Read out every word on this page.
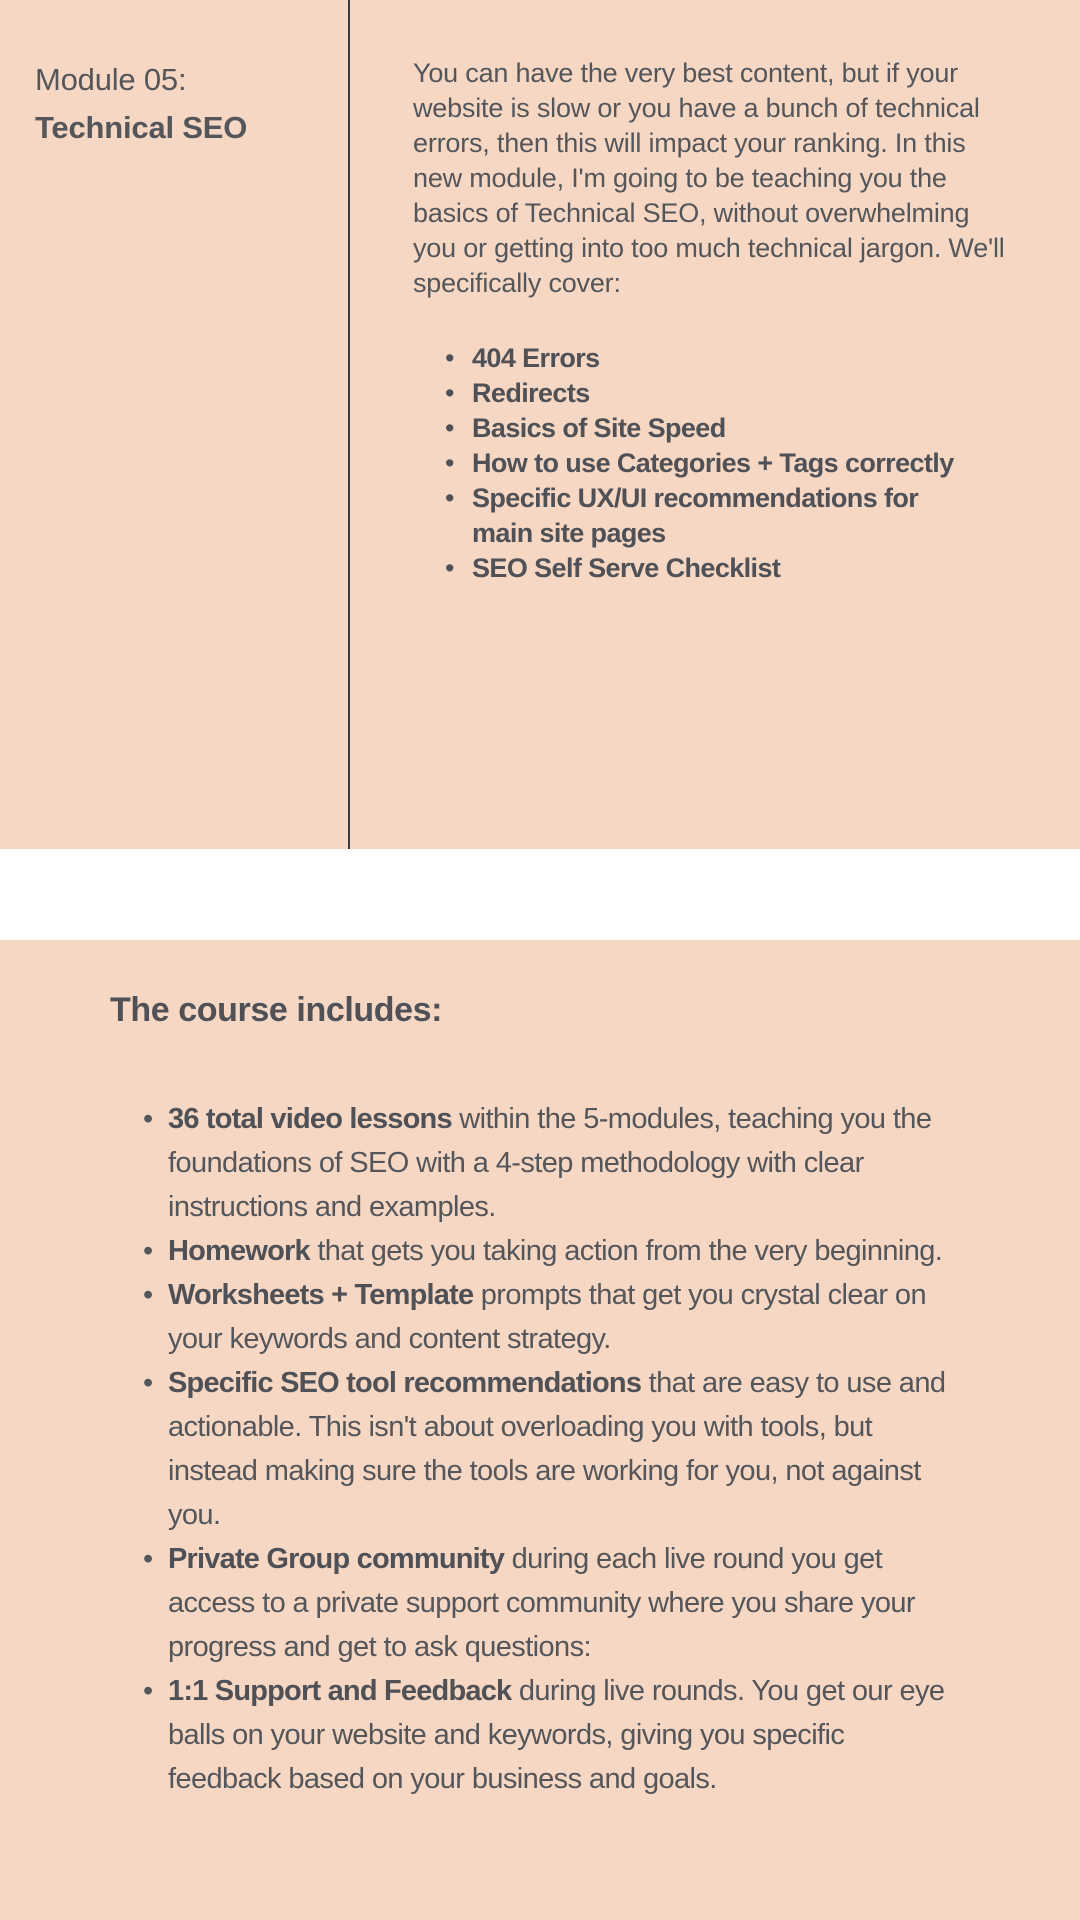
Module 05:
Technical SEO

You can have the very best content, but if your website is slow or you have a bunch of technical errors, then this will impact your ranking. In this new module, I'm going to be teaching you the basics of Technical SEO, without overwhelming you or getting into too much technical jargon. We'll specifically cover:

• 404 Errors
• Redirects
• Basics of Site Speed
• How to use Categories + Tags correctly
• Specific UX/UI recommendations for main site pages
• SEO Self Serve Checklist
The course includes:
• 36 total video lessons within the 5-modules, teaching you the foundations of SEO with a 4-step methodology with clear instructions and examples.
• Homework that gets you taking action from the very beginning.
• Worksheets + Template prompts that get you crystal clear on your keywords and content strategy.
• Specific SEO tool recommendations that are easy to use and actionable. This isn't about overloading you with tools, but instead making sure the tools are working for you, not against you.
• Private Group community during each live round you get access to a private support community where you share your progress and get to ask questions:
• 1:1 Support and Feedback during live rounds. You get our eye balls on your website and keywords, giving you specific feedback based on your business and goals.
